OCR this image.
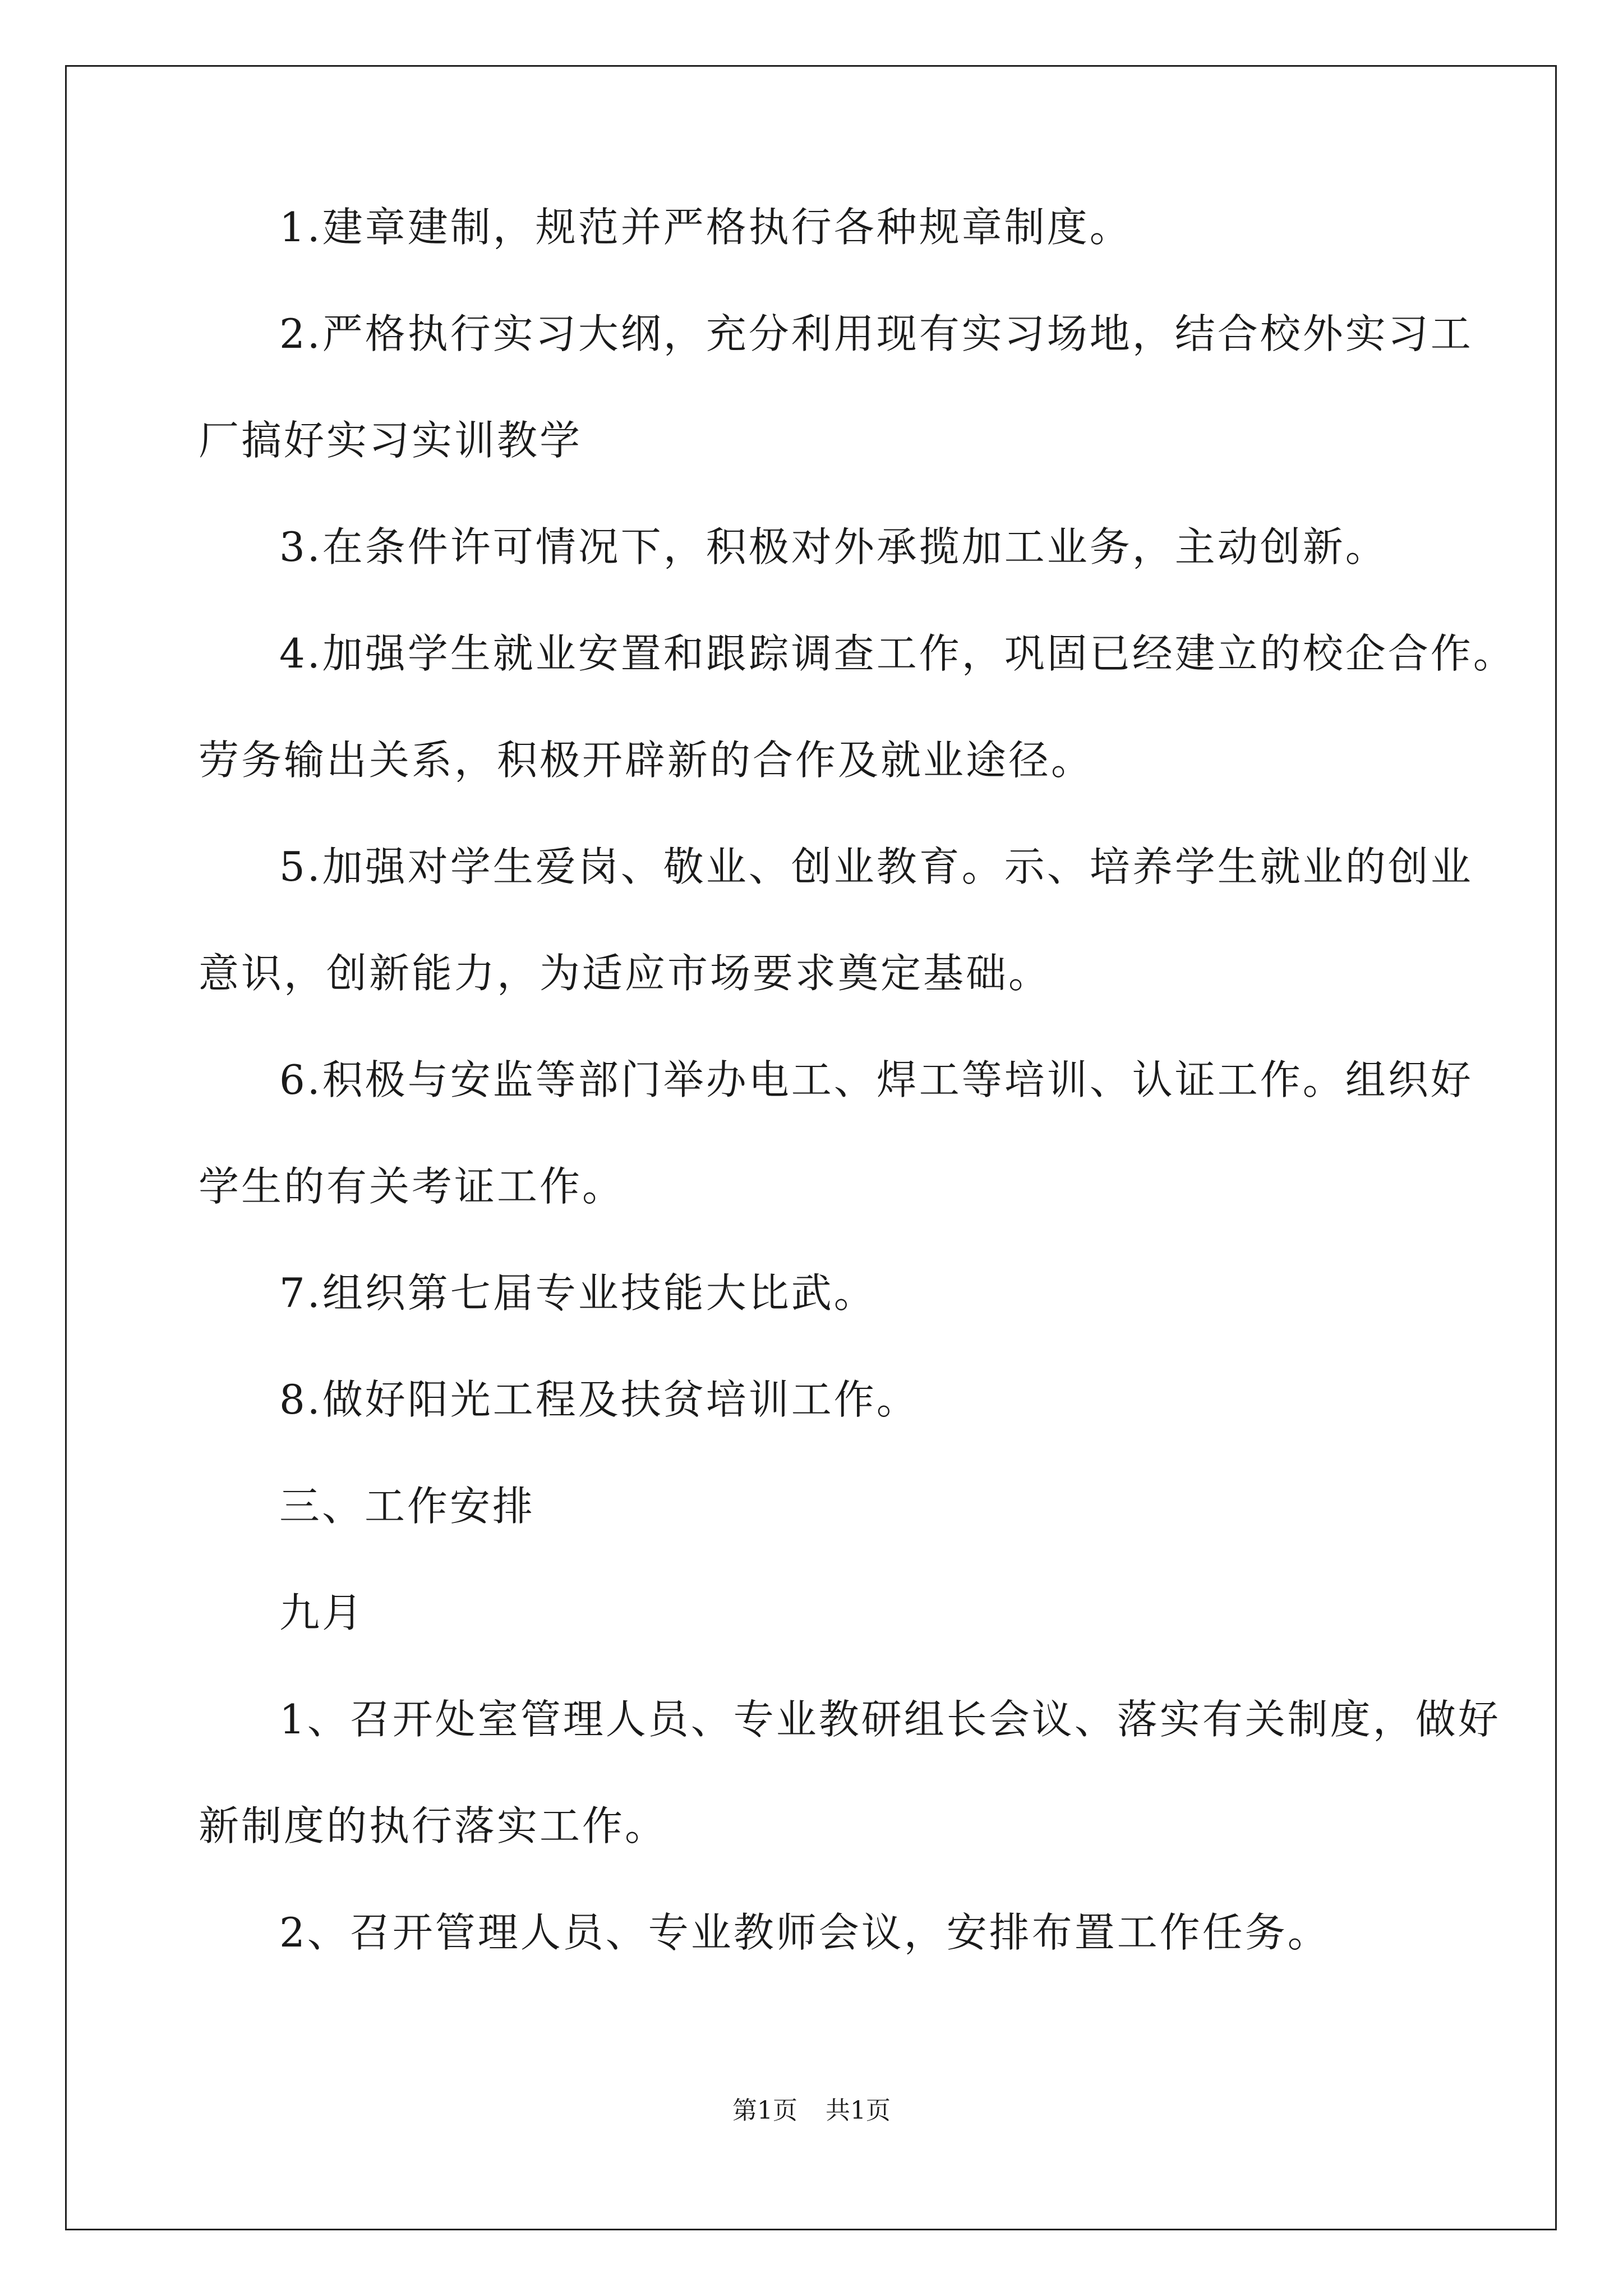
1.建章建制，规范并严格执行各种规章制度。
2.严格执行实习大纲，充分利用现有实习场地，结合校外实习工
厂搞好实习实训教学
3.在条件许可情况下，积极对外承揽加工业务，主动创新。
4.加强学生就业安置和跟踪调查工作，巩固已经建立的校企合作。
劳务输出关系，积极开辟新的合作及就业途径。
5.加强对学生爱岗、敬业、创业教育。示、培养学生就业的创业
意识，创新能力，为适应市场要求奠定基础。
6.积极与安监等部门举办电工、焊工等培训、认证工作。组织好
学生的有关考证工作。
7.组织第七届专业技能大比武。
8.做好阳光工程及扶贫培训工作。
三、工作安排
九月
1、召开处室管理人员、专业教研组长会议、落实有关制度，做好
新制度的执行落实工作。
2、召开管理人员、专业教师会议，安排布置工作任务。
第1页 共1页
